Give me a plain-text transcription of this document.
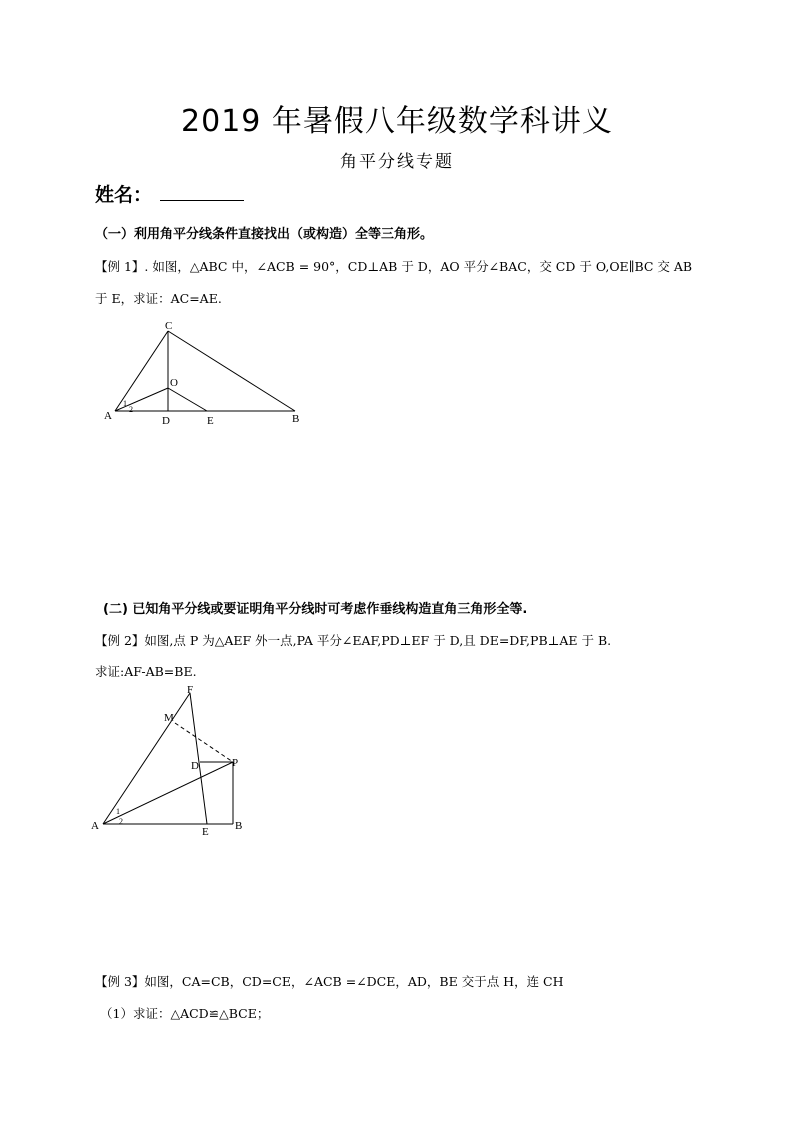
2019 年暑假八年级数学科讲义
角平分线专题
姓名：
（一）利用角平分线条件直接找出（或构造）全等三角形。
【例 1】. 如图，△ABC 中，∠ACB = 90°，CD⊥AB 于 D，AO 平分∠BAC，交 CD 于 O,OE∥BC 交 AB
于 E，求证：AC=AE.
C
O
A	D	E	B
1
2
(二) 已知角平分线或要证明角平分线时可考虑作垂线构造直角三角形全等.
【例 2】如图,点 P 为△AEF 外一点,PA 平分∠EAF,PD⊥EF 于 D,且 DE=DF,PB⊥AE 于 B.
求证:AF-AB=BE.
F
M
D	P
A	E B
1
2
【例 3】如图，CA=CB，CD=CE，∠ACB =∠DCE，AD，BE 交于点 H，连 CH
（1）求证：△ACD≌△BCE；
